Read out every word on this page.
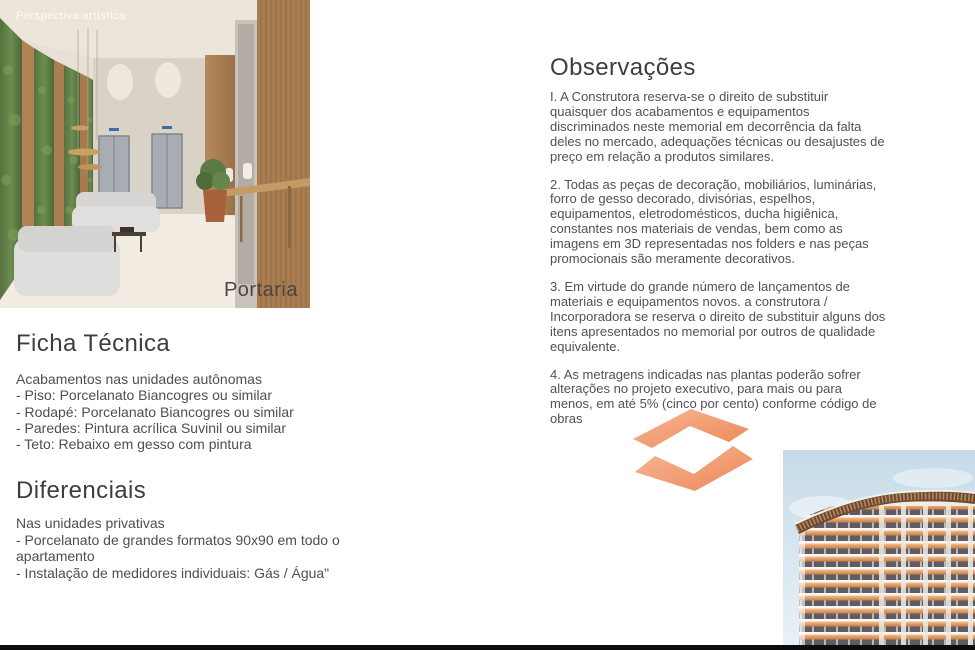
Perspectiva artística
Portaria
Ficha Técnica
Acabamentos nas unidades autônomas
- Piso: Porcelanato Biancogres ou similar
- Rodapé: Porcelanato Biancogres ou similar
- Paredes: Pintura acrílica Suvinil ou similar
- Teto: Rebaixo em gesso com pintura
Diferenciais
Nas unidades privativas
- Porcelanato de grandes formatos 90x90 em todo o apartamento
- Instalação de medidores individuais: Gás / Água"
Observações

I. A Construtora reserva-se o direito de substituir quaisquer dos acabamentos e equipamentos discriminados neste memorial em decorrência da falta deles no mercado, adequações técnicas ou desajustes de preço em relação a produtos similares.

2. Todas as peças de decoração, mobiliários, luminárias, forro de gesso decorado, divisórias, espelhos, equipamentos, eletrodomésticos, ducha higiênica, constantes nos materiais de vendas, bem como as imagens em 3D representadas nos folders e nas peças promocionais são meramente decorativos.

3. Em virtude do grande número de lançamentos de materiais e equipamentos novos. a construtora / Incorporadora se reserva o direito de substituir alguns dos itens apresentados no memorial por outros de qualidade equivalente.

4. As metragens indicadas nas plantas poderão sofrer alterações no projeto executivo, para mais ou para menos, em até 5% (cinco por cento) conforme código de obras
